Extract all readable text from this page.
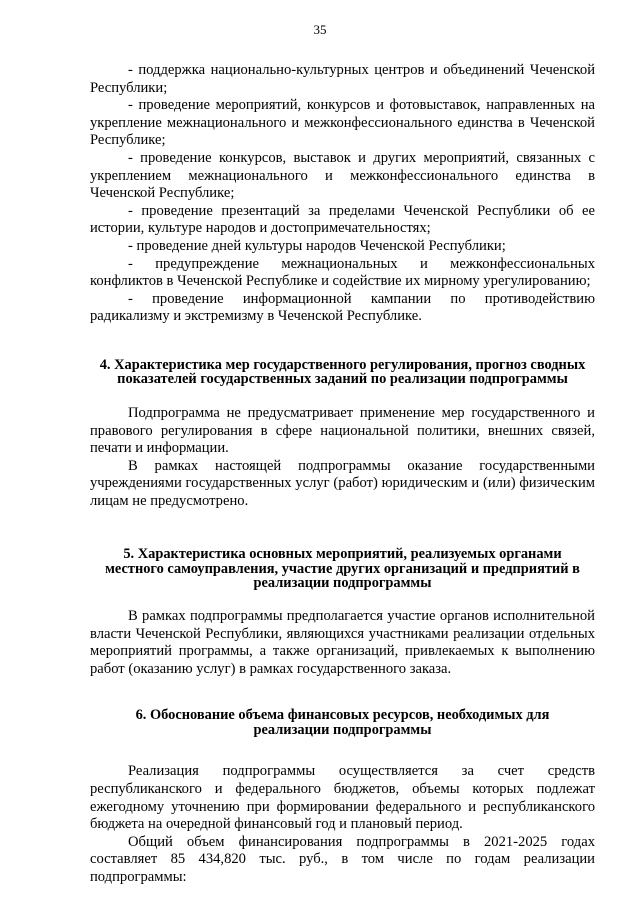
35

- поддержка национально-культурных центров и объединений Чеченской Республики;

- проведение мероприятий, конкурсов и фотовыставок, направленных на укрепление межнационального и межконфессионального единства в Чеченской Республике;

- проведение конкурсов, выставок и других мероприятий, связанных с укреплением межнационального и межконфессионального единства в Чеченской Республике;

- проведение презентаций за пределами Чеченской Республики об ее истории, культуре народов и достопримечательностях;

- проведение дней культуры народов Чеченской Республики;

- предупреждение межнациональных и межконфессиональных конфликтов в Чеченской Республике и содействие их мирному урегулированию;

- проведение информационной кампании по противодействию радикализму и экстремизму в Чеченской Республике.

4. Характеристика мер государственного регулирования, прогноз сводных показателей государственных заданий по реализации подпрограммы

Подпрограмма не предусматривает применение мер государственного и правового регулирования в сфере национальной политики, внешних связей, печати и информации.

В рамках настоящей подпрограммы оказание государственными учреждениями государственных услуг (работ) юридическим и (или) физическим лицам не предусмотрено.

5. Характеристика основных мероприятий, реализуемых органами местного самоуправления, участие других организаций и предприятий в реализации подпрограммы

В рамках подпрограммы предполагается участие органов исполнительной власти Чеченской Республики, являющихся участниками реализации отдельных мероприятий программы, а также организаций, привлекаемых к выполнению работ (оказанию услуг) в рамках государственного заказа.

6. Обоснование объема финансовых ресурсов, необходимых для реализации подпрограммы

Реализация подпрограммы осуществляется за счет средств республиканского и федерального бюджетов, объемы которых подлежат ежегодному уточнению при формировании федерального и республиканского бюджета на очередной финансовый год и плановый период.

Общий объем финансирования подпрограммы в 2021-2025 годах составляет 85 434,820 тыс. руб., в том числе по годам реализации подпрограммы:
